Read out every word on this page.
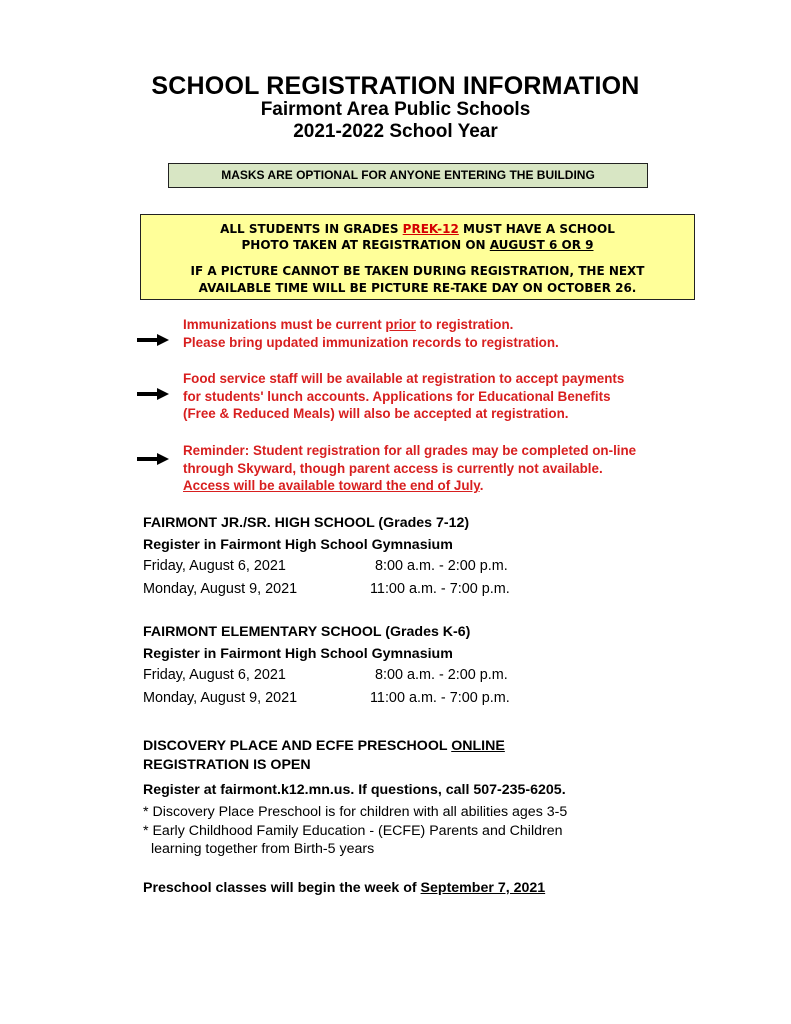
SCHOOL REGISTRATION INFORMATION
Fairmont Area Public Schools
2021-2022 School Year
MASKS ARE OPTIONAL FOR ANYONE ENTERING THE BUILDING
ALL STUDENTS IN GRADES PREK-12 MUST HAVE A SCHOOL
PHOTO TAKEN AT REGISTRATION ON AUGUST 6 OR 9
IF A PICTURE CANNOT BE TAKEN DURING REGISTRATION, THE NEXT
AVAILABLE TIME WILL BE PICTURE RE-TAKE DAY ON OCTOBER 26.
Immunizations must be current prior to registration.
Please bring updated immunization records to registration.
Food service staff will be available at registration to accept payments
for students' lunch accounts. Applications for Educational Benefits
(Free & Reduced Meals) will also be accepted at registration.
Reminder: Student registration for all grades may be completed on-line
through Skyward, though parent access is currently not available.
Access will be available toward the end of July.
FAIRMONT JR./SR. HIGH SCHOOL (Grades 7-12)
Register in Fairmont High School Gymnasium
Friday, August 6, 2021	8:00 a.m. - 2:00 p.m.
Monday, August 9, 2021	11:00 a.m. - 7:00 p.m.
FAIRMONT ELEMENTARY SCHOOL (Grades K-6)
Register in Fairmont High School Gymnasium
Friday, August 6, 2021	8:00 a.m. - 2:00 p.m.
Monday, August 9, 2021	11:00 a.m. - 7:00 p.m.
DISCOVERY PLACE AND ECFE PRESCHOOL ONLINE
REGISTRATION IS OPEN
Register at fairmont.k12.mn.us. If questions, call 507-235-6205.
* Discovery Place Preschool is for children with all abilities ages 3-5
* Early Childhood Family Education - (ECFE) Parents and Children
learning together from Birth-5 years
Preschool classes will begin the week of September 7, 2021
